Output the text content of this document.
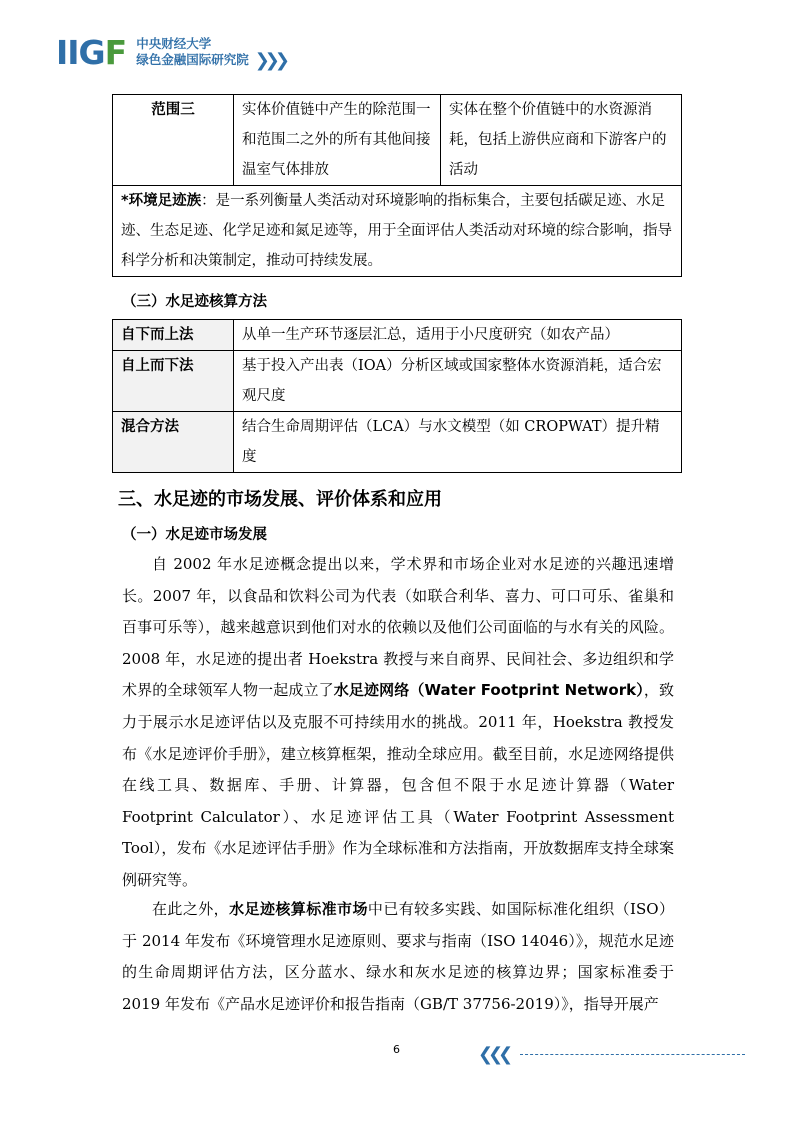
IIGF 中央财经大学
绿色金融国际研究院 ❯❯❯
范围三	实体价值链中产生的除范围一和范围二之外的所有其他间接温室气体排放	实体在整个价值链中的水资源消耗，包括上游供应商和下游客户的活动
*环境足迹族：是一系列衡量人类活动对环境影响的指标集合，主要包括碳足迹、水足迹、生态足迹、化学足迹和氮足迹等，用于全面评估人类活动对环境的综合影响，指导科学分析和决策制定，推动可持续发展。
（三）水足迹核算方法
自下而上法	从单一生产环节逐层汇总，适用于小尺度研究（如农产品）
自上而下法	基于投入产出表（IOA）分析区域或国家整体水资源消耗，适合宏观尺度
混合方法	结合生命周期评估（LCA）与水文模型（如 CROPWAT）提升精度
三、水足迹的市场发展、评价体系和应用
（一）水足迹市场发展
自 2002 年水足迹概念提出以来，学术界和市场企业对水足迹的兴趣迅速增长。2007 年，以食品和饮料公司为代表（如联合利华、喜力、可口可乐、雀巢和百事可乐等），越来越意识到他们对水的依赖以及他们公司面临的与水有关的风险。2008 年，水足迹的提出者 Hoekstra 教授与来自商界、民间社会、多边组织和学术界的全球领军人物一起成立了水足迹网络（Water Footprint Network），致力于展示水足迹评估以及克服不可持续用水的挑战。2011 年，Hoekstra 教授发布《水足迹评价手册》，建立核算框架，推动全球应用。截至目前，水足迹网络提供在线工具、数据库、手册、计算器，包含但不限于水足迹计算器（Water Footprint Calculator）、水足迹评估工具（Water Footprint Assessment Tool），发布《水足迹评估手册》作为全球标准和方法指南，开放数据库支持全球案例研究等。
在此之外，水足迹核算标准市场中已有较多实践、如国际标准化组织（ISO）于 2014 年发布《环境管理水足迹原则、要求与指南（ISO 14046）》，规范水足迹的生命周期评估方法，区分蓝水、绿水和灰水足迹的核算边界；国家标准委于 2019 年发布《产品水足迹评价和报告指南（GB/T 37756-2019）》，指导开展产
6	❮❮❮
